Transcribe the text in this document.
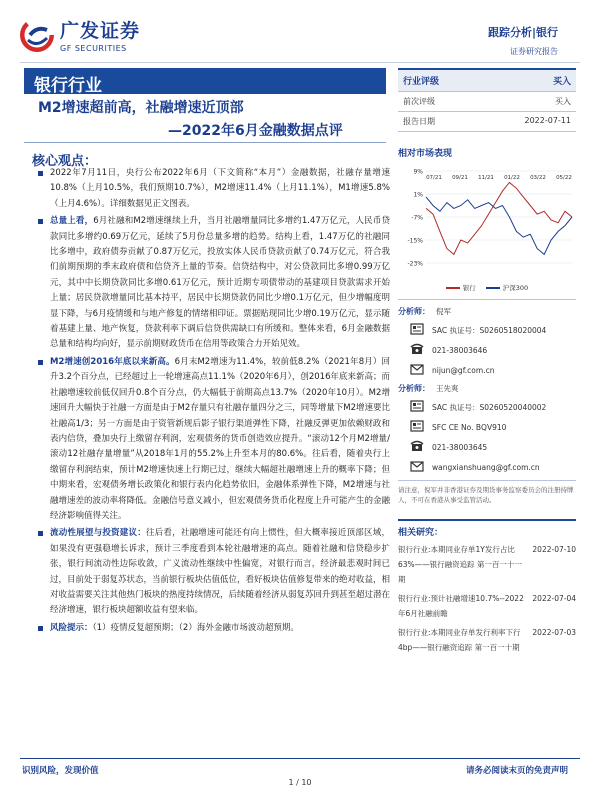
广发证券
GF SECURITIES
跟踪分析|银行
证券研究报告
银行行业
M2增速超前高，社融增速近顶部
—2022年6月金融数据点评
核心观点：
2022年7月11日，央行公布2022年6月（下文简称“本月”）金融数据，社融存量增速10.8%（上月10.5%，我们预期10.7%），M2增速11.4%（上月11.1%），M1增速5.8%（上月4.6%）。详细数据见正文图表。
总量上看，6月社融和M2增速继续上升，当月社融增量同比多增约1.47万亿元，人民币贷款同比多增约0.69万亿元，延续了5月份总量多增的趋势。结构上看，1.47万亿的社融同比多增中，政府债券贡献了0.87万亿元，投放实体人民币贷款贡献了0.74万亿元，符合我们前期预期的季末政府债和信贷齐上量的节奏。信贷结构中，对公贷款同比多增0.99万亿元，其中中长期贷款同比多增0.61万亿元，预计近期专项债带动的基建项目贷款需求开始上量；居民贷款增量同比基本持平，居民中长期贷款仍同比少增0.1万亿元，但少增幅度明显下降，与6月疫情缓和与地产修复的情绪相印证。票据贴现同比少增0.19万亿元，显示随着基建上量、地产恢复，贷款利率下调后信贷供需缺口有所缓和。整体来看，6月金融数据总量和结构均向好，显示前期财政货币在信用等政策合力开始见效。
M2增速创2016年底以来新高。6月末M2增速为11.4%，较前低8.2%（2021年8月）回升3.2个百分点，已经超过上一轮增速高点11.1%（2020年6月），创2016年底来新高；而社融增速较前低仅回升0.8个百分点，仍大幅低于前期高点13.7%（2020年10月）。M2增速回升大幅快于社融一方面是由于M2存量只有社融存量四分之三，同等增量下M2增速要比社融高1/3；另一方面是由于资管新规后影子银行渠道弹性下降，社融反弹更加依赖财政和表内信贷，叠加央行上缴留存利润，宏观债务的货币创造效应提升。“滚动12个月M2增量/滚动12社融存量增量”从2018年1月的55.2%上升至本月的80.6%。往后看，随着央行上缴留存利润结束，预计M2增速快速上行期已过，继续大幅超社融增速上升的概率下降；但中期来看，宏观债务增长政策化和银行表内化趋势依旧，金融体系弹性下降，M2增速与社融增速差的波动率将降低。金融信号意义减小，但宏观债务货币化程度上升可能产生的金融经济影响值得关注。
流动性展望与投资建议：往后看，社融增速可能还有向上惯性，但大概率接近顶部区域，如果没有更强稳增长诉求，预计三季度看到本轮社融增速的高点。随着社融和信贷稳步扩张，银行间流动性边际收敛，广义流动性继续中性偏宽，对银行而言，经济最悲观时间已过，目前处于弱复苏状态，当前银行板块估值低位，看好板块估值修复带来的绝对收益，相对收益需要关注其他热门板块的热度持续情况，后续随着经济从弱复苏回升到甚至超过潜在经济增速，银行板块超额收益有望来临。
风险提示：（1）疫情反复超预期；（2）海外金融市场波动超预期。
行业评级	买入
前次评级	买入
报告日期	2022-07-11
相对市场表现
9%
1%
-7%
-15%
-23%
07/21 09/21 11/21 01/22 03/22 05/22
银行	沪深300
分析师： 倪军
SAC 执证号：S0260518020004
021-38003646
nijun@gf.com.cn
分析师： 王先爽
SAC 执证号：S0260520040002
SFC CE No. BQV910
021-38003645
wangxianshuang@gf.com.cn
请注意，倪军并非香港证券及期货事务监察委员会的注册持牌人，不可在香港从事受监管活动。
相关研究：
银行行业:本期同业存单1Y发行占比63%——银行融资追踪 第一百一十一期
2022-07-10
银行行业:预计社融增速10.7%--2022年6月社融前瞻
2022-07-04
银行行业:本期同业存单发行利率下行4bp——银行融资追踪 第一百一十期
2022-07-03
识别风险，发现价值	请务必阅读末页的免责声明
1 / 10
